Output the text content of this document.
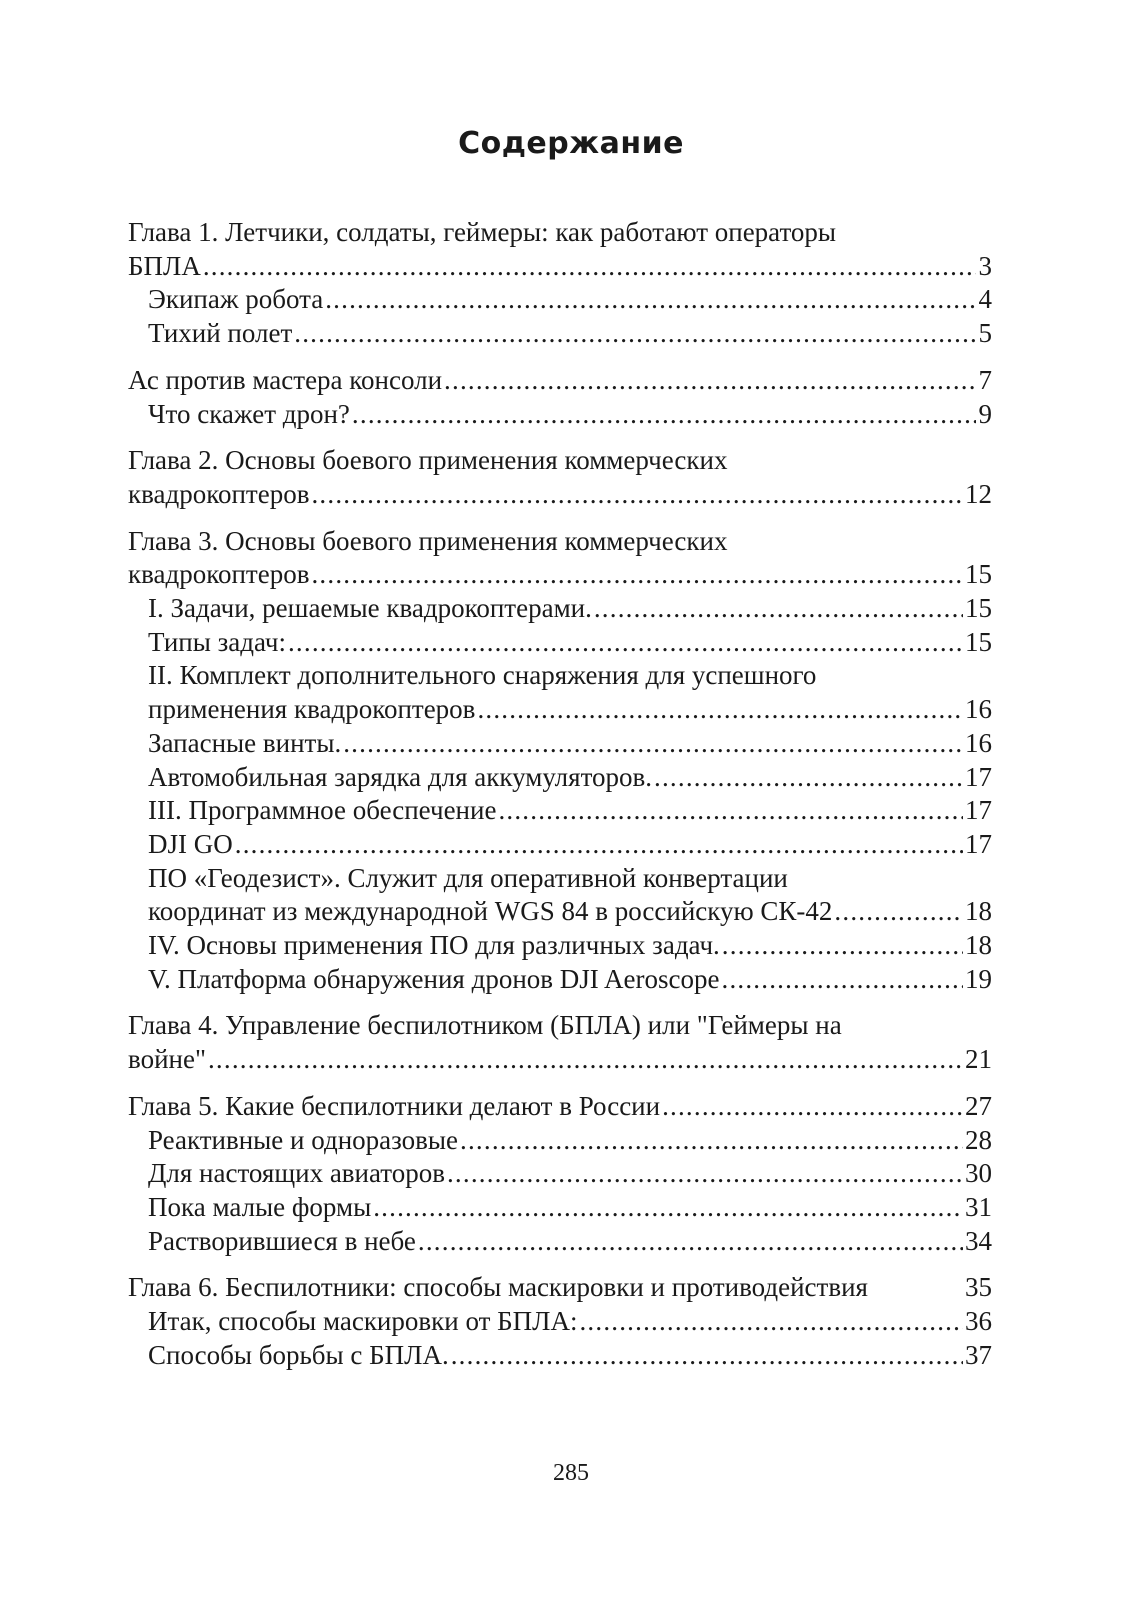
Содержание
Глава 1. Летчики, солдаты, геймеры: как работают операторы
БПЛА .....	3
Экипаж робота .....	4
Тихий полет .....	5
Ас против мастера консоли .....	7
Что скажет дрон? .....	9
Глава 2. Основы боевого применения коммерческих
квадрокоптеров .....	12
Глава 3. Основы боевого применения коммерческих
квадрокоптеров .....	15
I. Задачи, решаемые квадрокоптерами. .....	15
Типы задач: .....	15
II. Комплект дополнительного снаряжения для успешного
применения квадрокоптеров .....	16
Запасные винты. .....	16
Автомобильная зарядка для аккумуляторов. .....	17
III. Программное обеспечение .....	17
DJI GO .....	17
ПО «Геодезист». Служит для оперативной конвертации
координат из международной WGS 84 в российскую СК-42 .....	18
IV. Основы применения ПО для различных задач. .....	18
V. Платформа обнаружения дронов DJI Aeroscope .....	19
Глава 4. Управление беспилотником (БПЛА) или "Геймеры на
войне" .....	21
Глава 5. Какие беспилотники делают в России .....	27
Реактивные и одноразовые .....	28
Для настоящих авиаторов .....	30
Пока малые формы .....	31
Растворившиеся в небе .....	34
Глава 6. Беспилотники: способы маскировки и противодействия	35
Итак, способы маскировки от БПЛА: .....	36
Способы борьбы с БПЛА. .....	37
285
